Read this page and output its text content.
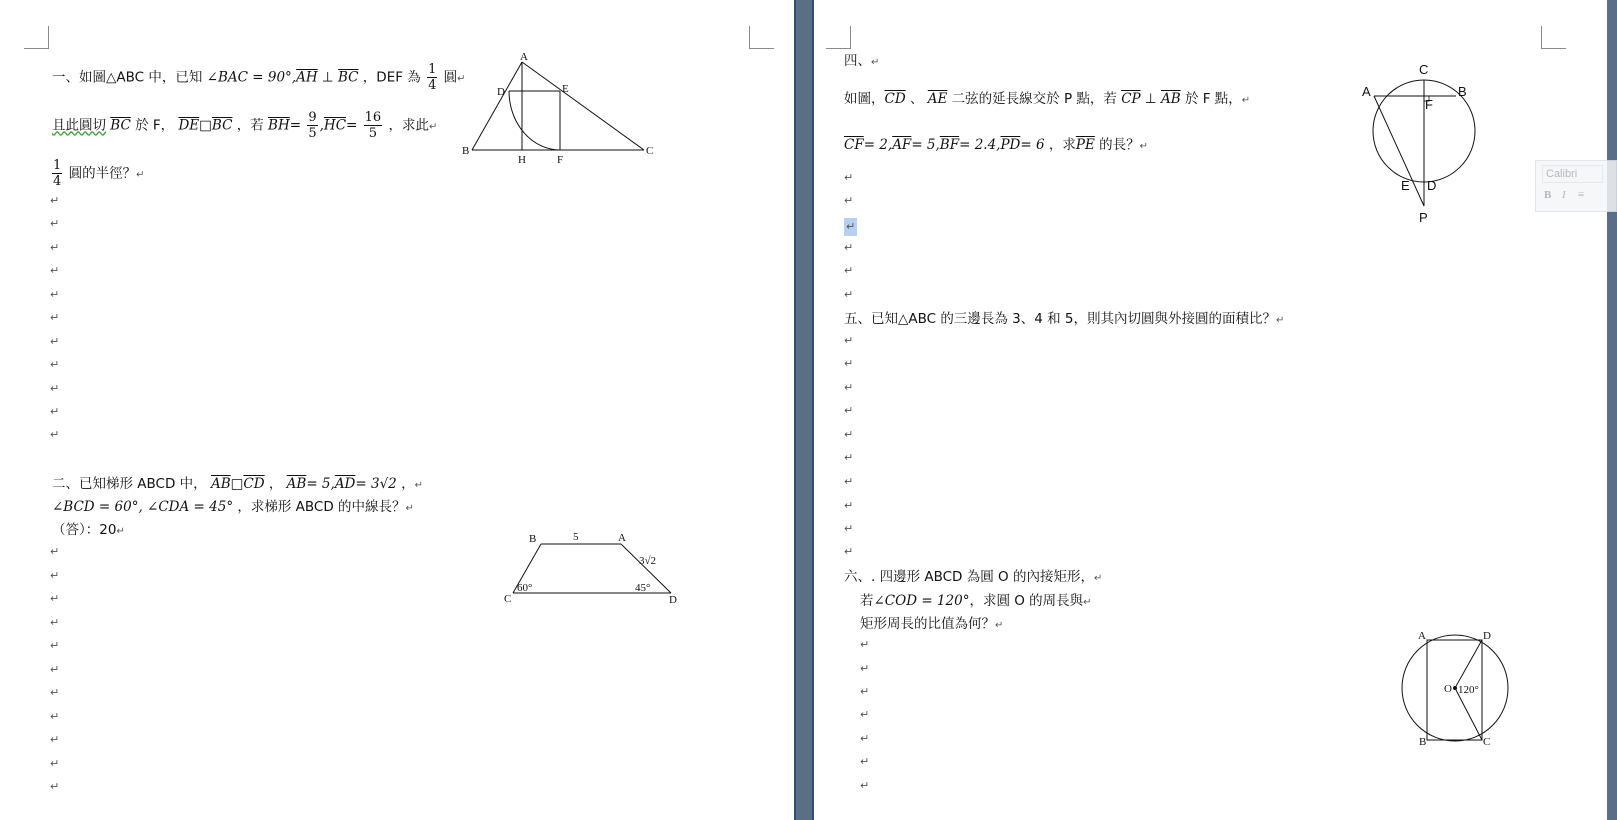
一、如圖△ABC 中，已知 ∠BAC = $90^\circ,\overline{AH}$ ⊥ $\overline{BC}$ ，DEF 為 $\frac{1}{4}$ 圓↵
且此圓切 $\overline{BC}$ 於 F， $\overline{DE}□\overline{BC}$ ，若 $\overline{BH}= \frac{9}{5} ,\overline{HC}= \frac{16}{5}$ ，求此↵
$\frac{1}{4}$ 圓的半徑？↵
A
D	E
B
H	F
C
二、已知梯形 ABCD 中， $\overline{AB}□\overline{CD}$ ， $\overline{AB}= 5,\overline{AD}= 3√2$ ，↵
∠BCD = 60°, ∠CDA = 45° ，求梯形 ABCD 的中線長？↵
（答）：20↵
B	5	A
3√2
60°	45°
C	D
↵
↵
↵
↵
↵
↵
↵
↵
↵
↵
↵
↵
↵
↵
↵
↵
↵
↵
↵
↵
↵
↵
四、↵
如圖，$\overline{CD}$ 、 $\overline{AE}$ 二弦的延長線交於 P 點，若 $\overline{CP}$ ⊥ $\overline{AB}$ 於 F 點，↵
$\overline{CF}= 2,\overline{AF}= 5,\overline{BF}= 2.4,\overline{PD}= 6$ ，求$\overline{PE}$ 的長？↵
C
A	B
F
E D
P
五、已知△ABC 的三邊長為 3、4 和 5，則其內切圓與外接圓的面積比？↵
六、. 四邊形 ABCD 為圓 O 的內接矩形，↵
若∠COD = 120°，求圓 O 的周長與↵
矩形周長的比值為何？↵
A	D
O 120°
B	C
↵
↵
↵
↵
↵
↵
↵
↵
↵
↵
↵
↵
↵
↵
↵
↵
↵
↵
↵
↵
↵
↵
↵
Calibri
B I ≡
